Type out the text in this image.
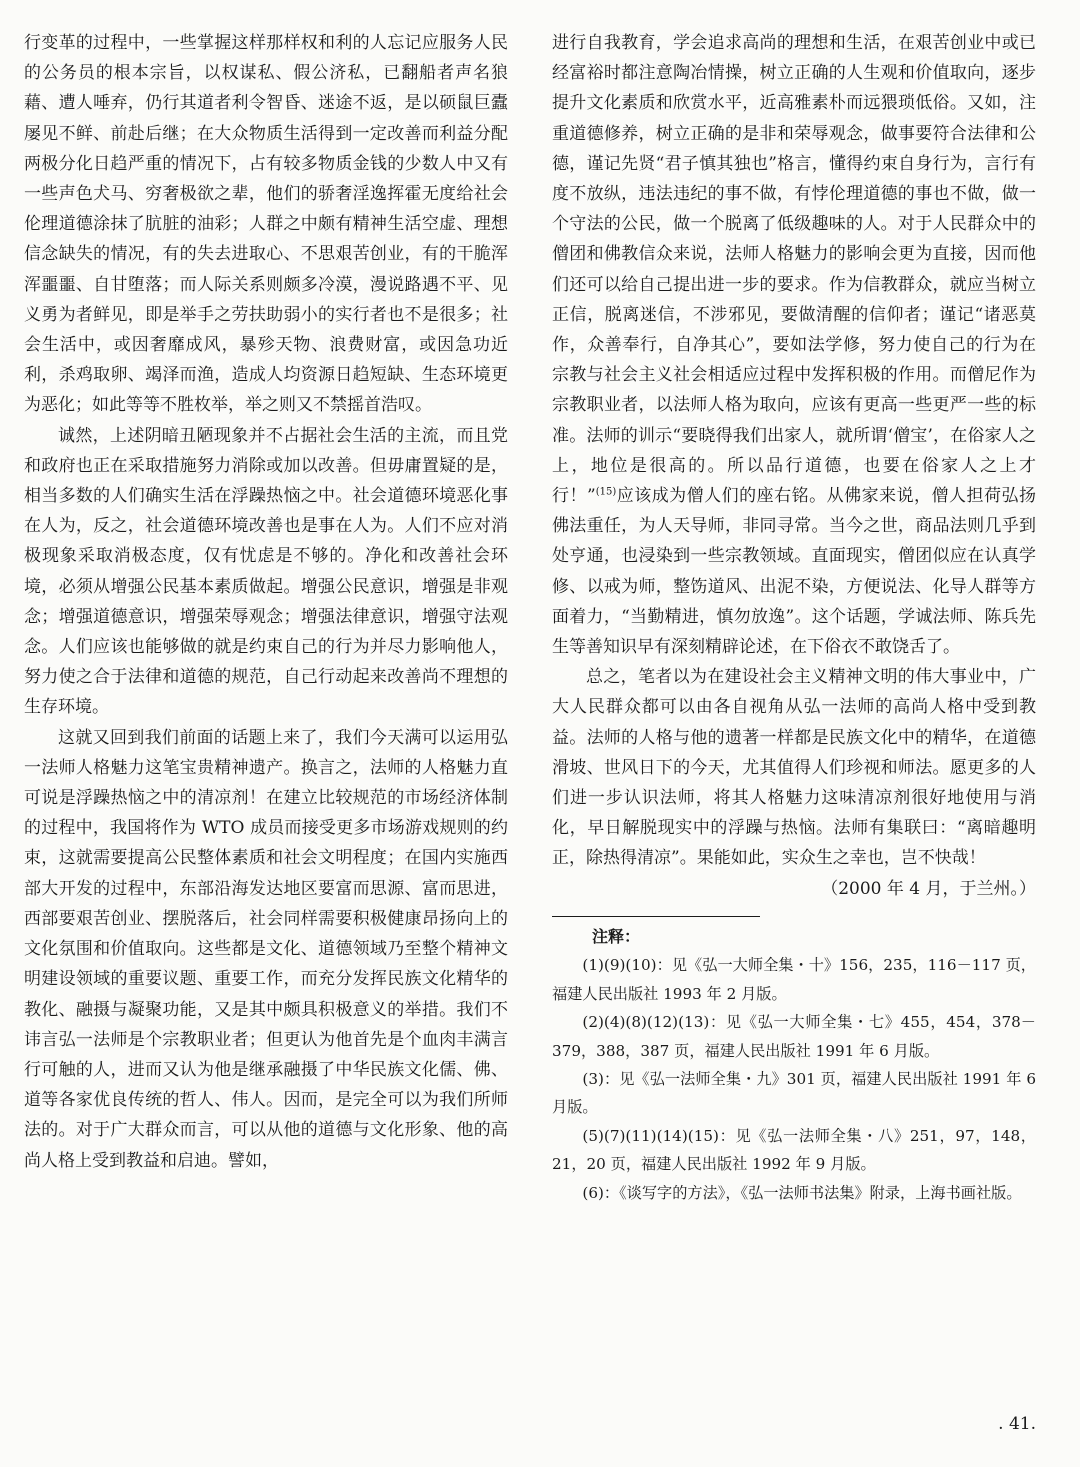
行变革的过程中，一些掌握这样那样权和利的人忘记应服务人民的公务员的根本宗旨，以权谋私、假公济私，已翻船者声名狼藉、遭人唾弃，仍行其道者利令智昏、迷途不返，是以硕鼠巨蠹屡见不鲜、前赴后继；在大众物质生活得到一定改善而利益分配两极分化日趋严重的情况下，占有较多物质金钱的少数人中又有一些声色犬马、穷奢极欲之辈，他们的骄奢淫逸挥霍无度给社会伦理道德涂抹了肮脏的油彩；人群之中颇有精神生活空虚、理想信念缺失的情况，有的失去进取心、不思艰苦创业，有的干脆浑浑噩噩、自甘堕落；而人际关系则颇多冷漠，漫说路遇不平、见义勇为者鲜见，即是举手之劳扶助弱小的实行者也不是很多；社会生活中，或因奢靡成风，暴殄天物、浪费财富，或因急功近利，杀鸡取卵、竭泽而渔，造成人均资源日趋短缺、生态环境更为恶化；如此等等不胜枚举，举之则又不禁摇首浩叹。

诚然，上述阴暗丑陋现象并不占据社会生活的主流，而且党和政府也正在采取措施努力消除或加以改善。但毋庸置疑的是，相当多数的人们确实生活在浮躁热恼之中。社会道德环境恶化事在人为，反之，社会道德环境改善也是事在人为。人们不应对消极现象采取消极态度，仅有忧虑是不够的。净化和改善社会环境，必须从增强公民基本素质做起。增强公民意识，增强是非观念；增强道德意识，增强荣辱观念；增强法律意识，增强守法观念。人们应该也能够做的就是约束自己的行为并尽力影响他人，努力使之合于法律和道德的规范，自己行动起来改善尚不理想的生存环境。

这就又回到我们前面的话题上来了，我们今天满可以运用弘一法师人格魅力这笔宝贵精神遗产。换言之，法师的人格魅力直可说是浮躁热恼之中的清凉剂！在建立比较规范的市场经济体制的过程中，我国将作为 WTO 成员而接受更多市场游戏规则的约束，这就需要提高公民整体素质和社会文明程度；在国内实施西部大开发的过程中，东部沿海发达地区要富而思源、富而思进，西部要艰苦创业、摆脱落后，社会同样需要积极健康昂扬向上的文化氛围和价值取向。这些都是文化、道德领域乃至整个精神文明建设领域的重要议题、重要工作，而充分发挥民族文化精华的教化、融摄与凝聚功能，又是其中颇具积极意义的举措。我们不讳言弘一法师是个宗教职业者；但更认为他首先是个血肉丰满言行可触的人，进而又认为他是继承融摄了中华民族文化儒、佛、道等各家优良传统的哲人、伟人。因而，是完全可以为我们所师法的。对于广大群众而言，可以从他的道德与文化形象、他的高尚人格上受到教益和启迪。譬如，

进行自我教育，学会追求高尚的理想和生活，在艰苦创业中或已经富裕时都注意陶冶情操，树立正确的人生观和价值取向，逐步提升文化素质和欣赏水平，近高雅素朴而远猥琐低俗。又如，注重道德修养，树立正确的是非和荣辱观念，做事要符合法律和公德，谨记先贤“君子慎其独也”格言，懂得约束自身行为，言行有度不放纵，违法违纪的事不做，有悖伦理道德的事也不做，做一个守法的公民，做一个脱离了低级趣味的人。对于人民群众中的僧团和佛教信众来说，法师人格魅力的影响会更为直接，因而他们还可以给自己提出进一步的要求。作为信教群众，就应当树立正信，脱离迷信，不涉邪见，要做清醒的信仰者；谨记“诸恶莫作，众善奉行，自净其心”，要如法学修，努力使自己的行为在宗教与社会主义社会相适应过程中发挥积极的作用。而僧尼作为宗教职业者，以法师人格为取向，应该有更高一些更严一些的标准。法师的训示“要晓得我们出家人，就所谓‘僧宝’，在俗家人之上，地位是很高的。所以品行道德，也要在俗家人之上才行！”$^{(15)}$应该成为僧人们的座右铭。从佛家来说，僧人担荷弘扬佛法重任，为人天导师，非同寻常。当今之世，商品法则几乎到处亨通，也浸染到一些宗教领域。直面现实，僧团似应在认真学修、以戒为师，整饬道风、出泥不染，方便说法、化导人群等方面着力，“当勤精进，慎勿放逸”。这个话题，学诚法师、陈兵先生等善知识早有深刻精辟论述，在下俗衣不敢饶舌了。

总之，笔者以为在建设社会主义精神文明的伟大事业中，广大人民群众都可以由各自视角从弘一法师的高尚人格中受到教益。法师的人格与他的遗著一样都是民族文化中的精华，在道德滑坡、世风日下的今天，尤其值得人们珍视和师法。愿更多的人们进一步认识法师，将其人格魅力这味清凉剂很好地使用与消化，早日解脱现实中的浮躁与热恼。法师有集联曰：“离暗趣明正，除热得清凉”。果能如此，实众生之幸也，岂不快哉！

（2000 年 4 月，于兰州。）

注释：

(1)(9)(10)：见《弘一大师全集・十》156，235，116－117 页，福建人民出版社 1993 年 2 月版。

(2)(4)(8)(12)(13)：见《弘一大师全集・七》455，454，378－379，388，387 页，福建人民出版社 1991 年 6 月版。

(3)：见《弘一法师全集・九》301 页，福建人民出版社 1991 年 6 月版。

(5)(7)(11)(14)(15)：见《弘一法师全集・八》251，97，148，21，20 页，福建人民出版社 1992 年 9 月版。

(6)：《谈写字的方法》，《弘一法师书法集》附录，上海书画社版。

. 41.
